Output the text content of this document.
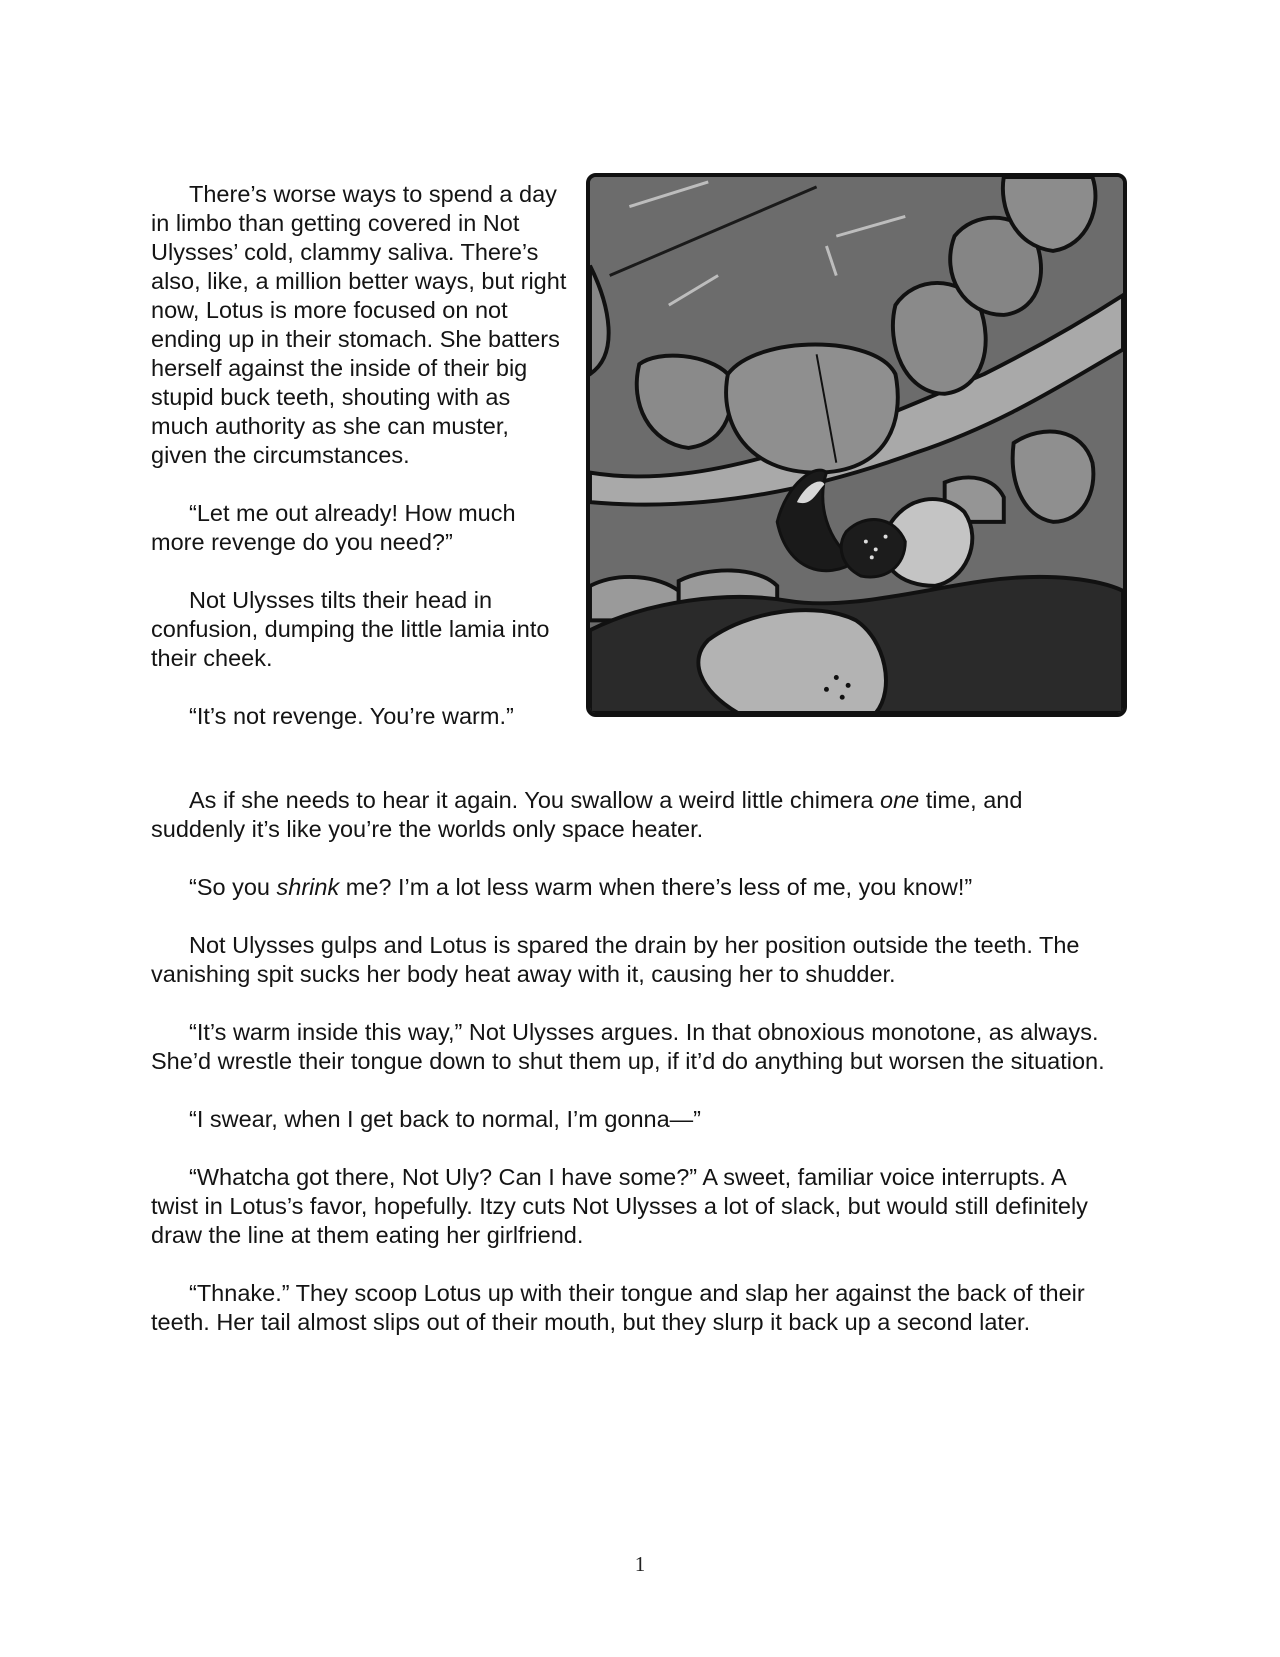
There’s worse ways to spend a day in limbo than getting covered in Not Ulysses’ cold, clammy saliva. There’s also, like, a million better ways, but right now, Lotus is more focused on not ending up in their stomach. She batters herself against the inside of their big stupid buck teeth, shouting with as much authority as she can muster, given the circumstances.

“Let me out already! How much more revenge do you need?”

Not Ulysses tilts their head in confusion, dumping the little lamia into their cheek.

“It’s not revenge. You’re warm.”

As if she needs to hear it again. You swallow a weird little chimera one time, and suddenly it’s like you’re the worlds only space heater.

“So you shrink me? I’m a lot less warm when there’s less of me, you know!”

Not Ulysses gulps and Lotus is spared the drain by her position outside the teeth. The vanishing spit sucks her body heat away with it, causing her to shudder.

“It’s warm inside this way,” Not Ulysses argues. In that obnoxious monotone, as always. She’d wrestle their tongue down to shut them up, if it’d do anything but worsen the situation.

“I swear, when I get back to normal, I’m gonna—”

“Whatcha got there, Not Uly? Can I have some?” A sweet, familiar voice interrupts. A twist in Lotus’s favor, hopefully. Itzy cuts Not Ulysses a lot of slack, but would still definitely draw the line at them eating her girlfriend.

“Thnake.” They scoop Lotus up with their tongue and slap her against the back of their teeth. Her tail almost slips out of their mouth, but they slurp it back up a second later.

1
